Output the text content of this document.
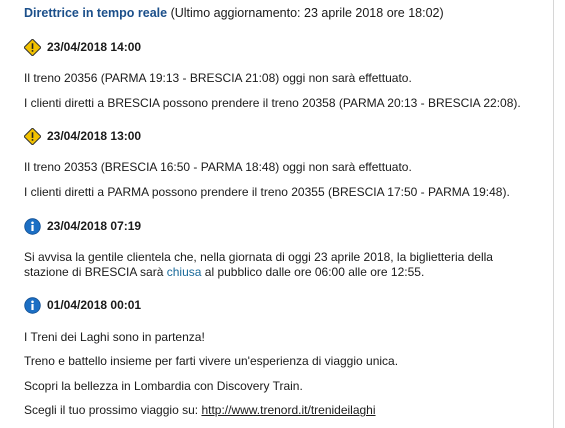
Direttrice in tempo reale (Ultimo aggiornamento: 23 aprile 2018 ore 18:02)
23/04/2018 14:00
Il treno 20356 (PARMA 19:13 - BRESCIA 21:08) oggi non sarà effettuato.
I clienti diretti a BRESCIA possono prendere il treno 20358 (PARMA 20:13 - BRESCIA 22:08).
23/04/2018 13:00
Il treno 20353 (BRESCIA 16:50 - PARMA 18:48) oggi non sarà effettuato.
I clienti diretti a PARMA possono prendere il treno 20355 (BRESCIA 17:50 - PARMA 19:48).
23/04/2018 07:19
Si avvisa la gentile clientela che, nella giornata di oggi 23 aprile 2018, la biglietteria della stazione di BRESCIA sarà chiusa al pubblico dalle ore 06:00 alle ore 12:55.
01/04/2018 00:01
I Treni dei Laghi sono in partenza!
Treno e battello insieme per farti vivere un'esperienza di viaggio unica.
Scopri la bellezza in Lombardia con Discovery Train.
Scegli il tuo prossimo viaggio su: http://www.trenord.it/trenideilaghi
